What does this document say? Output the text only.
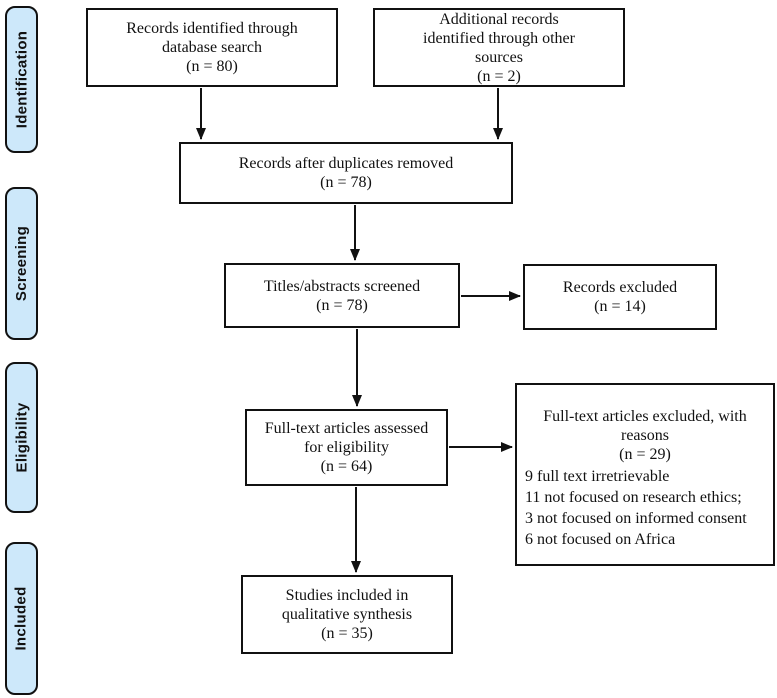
Identification
Screening
Eligibility
Included
Records identified through
database search
(n = 80)
Additional records
identified through other
sources
(n = 2)
Records after duplicates removed
(n = 78)
Titles/abstracts screened
(n = 78)
Records excluded
(n = 14)
Full-text articles assessed
for eligibility
(n = 64)
Full-text articles excluded, with
reasons
(n = 29)
9 full text irretrievable
11 not focused on research ethics;
3 not focused on informed consent
6 not focused on Africa
Studies included in
qualitative synthesis
(n = 35)
